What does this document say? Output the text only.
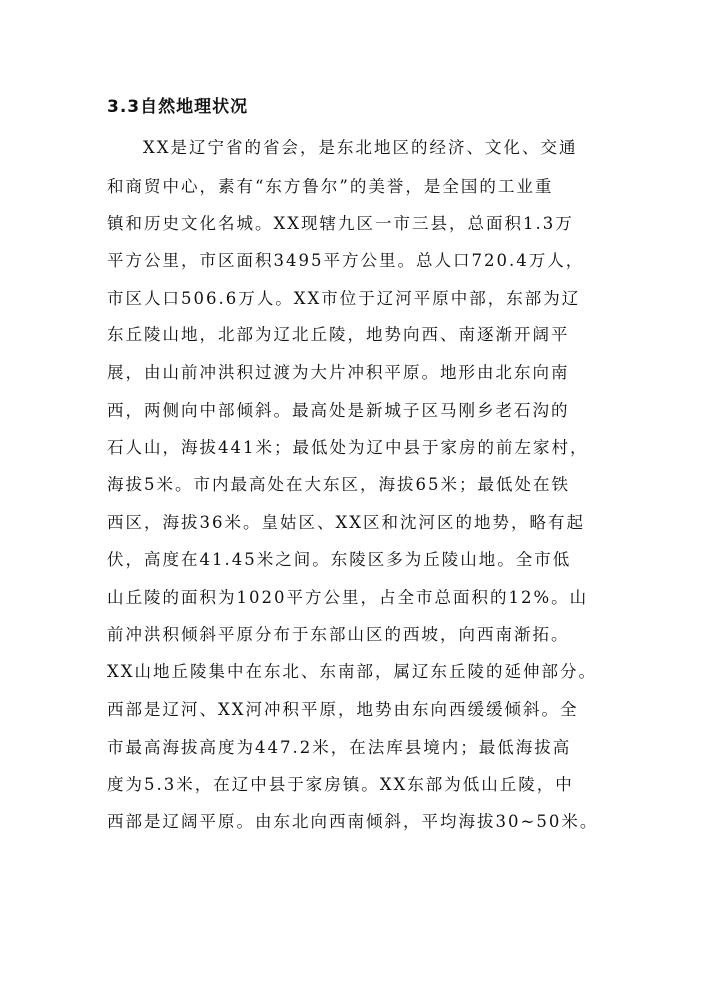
3.3自然地理状况
XX是辽宁省的省会，是东北地区的经济、文化、交通
和商贸中心，素有“东方鲁尔”的美誉，是全国的工业重
镇和历史文化名城。XX现辖九区一市三县，总面积1.3万
平方公里，市区面积3495平方公里。总人口720.4万人，
市区人口506.6万人。XX市位于辽河平原中部，东部为辽
东丘陵山地，北部为辽北丘陵，地势向西、南逐渐开阔平
展，由山前冲洪积过渡为大片冲积平原。地形由北东向南
西，两侧向中部倾斜。最高处是新城子区马刚乡老石沟的
石人山，海拔441米；最低处为辽中县于家房的前左家村，
海拔5米。市内最高处在大东区，海拔65米；最低处在铁
西区，海拔36米。皇姑区、XX区和沈河区的地势，略有起
伏，高度在41.45米之间。东陵区多为丘陵山地。全市低
山丘陵的面积为1020平方公里，占全市总面积的12%。山
前冲洪积倾斜平原分布于东部山区的西坡，向西南渐拓。
XX山地丘陵集中在东北、东南部，属辽东丘陵的延伸部分。
西部是辽河、XX河冲积平原，地势由东向西缓缓倾斜。全
市最高海拔高度为447.2米，在法库县境内；最低海拔高
度为5.3米，在辽中县于家房镇。XX东部为低山丘陵，中
西部是辽阔平原。由东北向西南倾斜，平均海拔30~50米。
